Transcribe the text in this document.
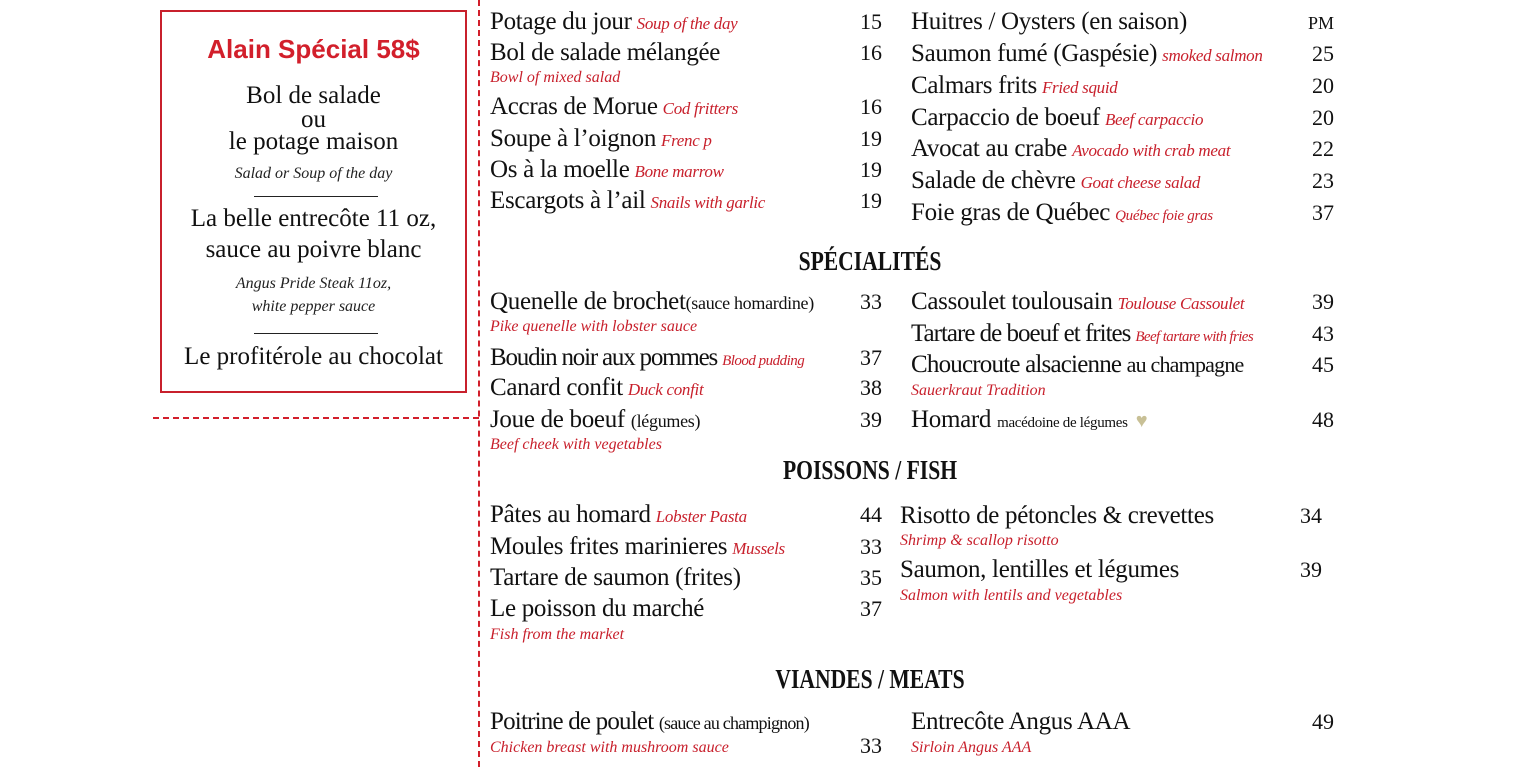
Alain Spécial 58$
Bol de salade
ou
le potage maison
Salad or Soup of the day
La belle entrecôte 11 oz,
sauce au poivre blanc
Angus Pride Steak 11oz,
white pepper sauce
Le profitérole au chocolat
Potage du jour Soup of the day	15
Bol de salade mélangée	16
Bowl of mixed salad
Accras de Morue Cod fritters	16
Soupe à l’oignon Frenc p	19
Os à la moelle Bone marrow	19
Escargots à l’ail Snails with garlic	19
Huitres / Oysters (en saison)	PM
Saumon fumé (Gaspésie) smoked salmon	25
Calmars frits Fried squid	20
Carpaccio de boeuf Beef carpaccio	20
Avocat au crabe Avocado with crab meat	22
Salade de chèvre Goat cheese salad	23
Foie gras de Québec Québec foie gras	37
SPÉCIALITÉS
Quenelle de brochet(sauce homardine)	33
Pike quenelle with lobster sauce
Boudin noir aux pommes Blood pudding	37
Canard confit Duck confit	38
Joue de boeuf (légumes)	39
Beef cheek with vegetables
Cassoulet toulousain Toulouse Cassoulet	39
Tartare de boeuf et frites Beef tartare with fries	43
Choucroute alsacienne au champagne	45
Sauerkraut Tradition
Homard macédoine de légumes ♥	48
POISSONS / FISH
Pâtes au homard Lobster Pasta	44
Moules frites marinieres Mussels	33
Tartare de saumon (frites)	35
Le poisson du marché	37
Fish from the market
Risotto de pétoncles & crevettes	34
Shrimp & scallop risotto
Saumon, lentilles et légumes	39
Salmon with lentils and vegetables
VIANDES / MEATS
Poitrine de poulet (sauce au champignon)
Chicken breast with mushroom sauce	33
Entrecôte Angus AAA	49
Sirloin Angus AAA
